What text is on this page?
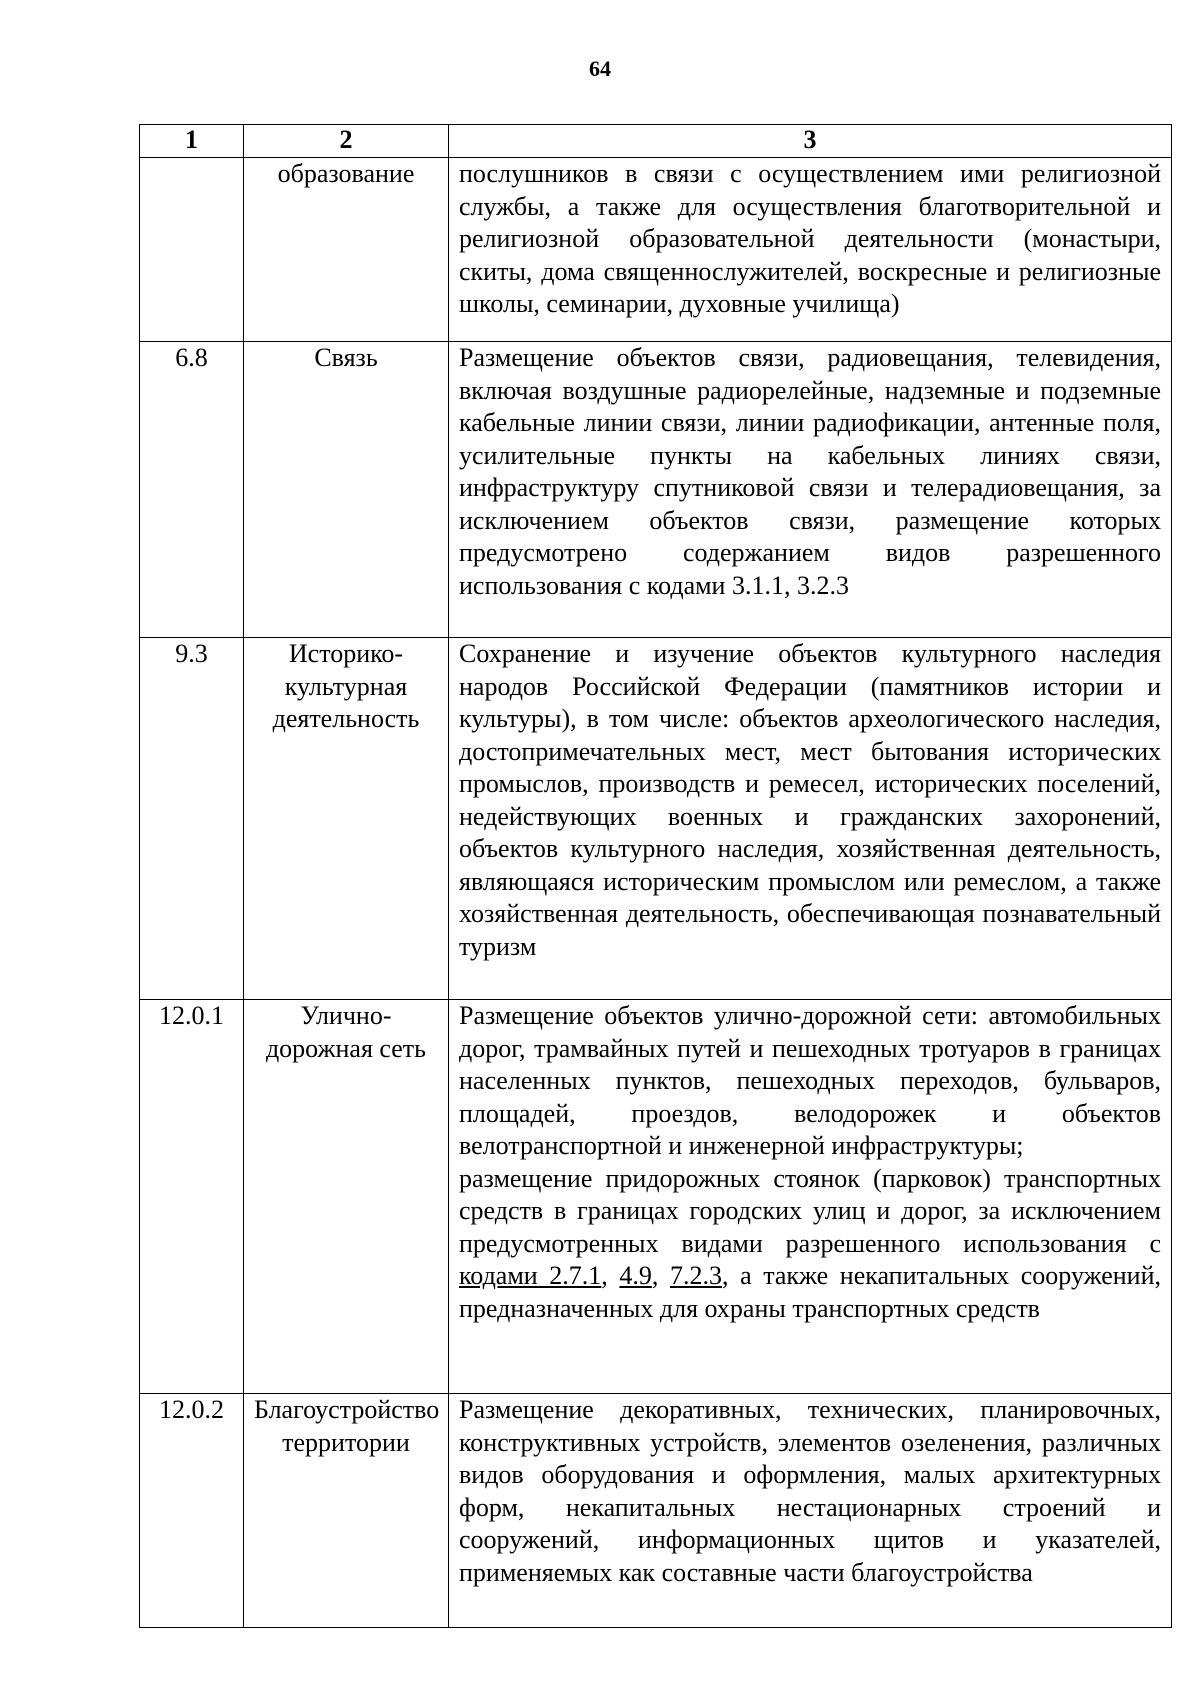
64
1	2	3
	образование	послушников в связи с осуществлением ими религиозной службы, а также для осуществления благотворительной и религиозной образовательной деятельности (монастыри, скиты, дома священнослужителей, воскресные и религиозные школы, семинарии, духовные училища)
6.8	Связь	Размещение объектов связи, радиовещания, телевидения, включая воздушные радиорелейные, надземные и подземные кабельные линии связи, линии радиофикации, антенные поля, усилительные пункты на кабельных линиях связи, инфраструктуру спутниковой связи и телерадиовещания, за исключением объектов связи, размещение которых предусмотрено содержанием видов разрешенного использования с кодами 3.1.1, 3.2.3
9.3	Историко-культурная деятельность	Сохранение и изучение объектов культурного наследия народов Российской Федерации (памятников истории и культуры), в том числе: объектов археологического наследия, достопримечательных мест, мест бытования исторических промыслов, производств и ремесел, исторических поселений, недействующих военных и гражданских захоронений, объектов культурного наследия, хозяйственная деятельность, являющаяся историческим промыслом или ремеслом, а также хозяйственная деятельность, обеспечивающая познавательный туризм
12.0.1	Улично-дорожная сеть	Размещение объектов улично-дорожной сети: автомобильных дорог, трамвайных путей и пешеходных тротуаров в границах населенных пунктов, пешеходных переходов, бульваров, площадей, проездов, велодорожек и объектов велотранспортной и инженерной инфраструктуры;
размещение придорожных стоянок (парковок) транспортных средств в границах городских улиц и дорог, за исключением предусмотренных видами разрешенного использования с кодами 2.7.1, 4.9, 7.2.3, а также некапитальных сооружений, предназначенных для охраны транспортных средств

12.0.2	Благоустройство территории	Размещение декоративных, технических, планировочных, конструктивных устройств, элементов озеленения, различных видов оборудования и оформления, малых архитектурных форм, некапитальных нестационарных строений и сооружений, информационных щитов и указателей, применяемых как составные части благоустройства
